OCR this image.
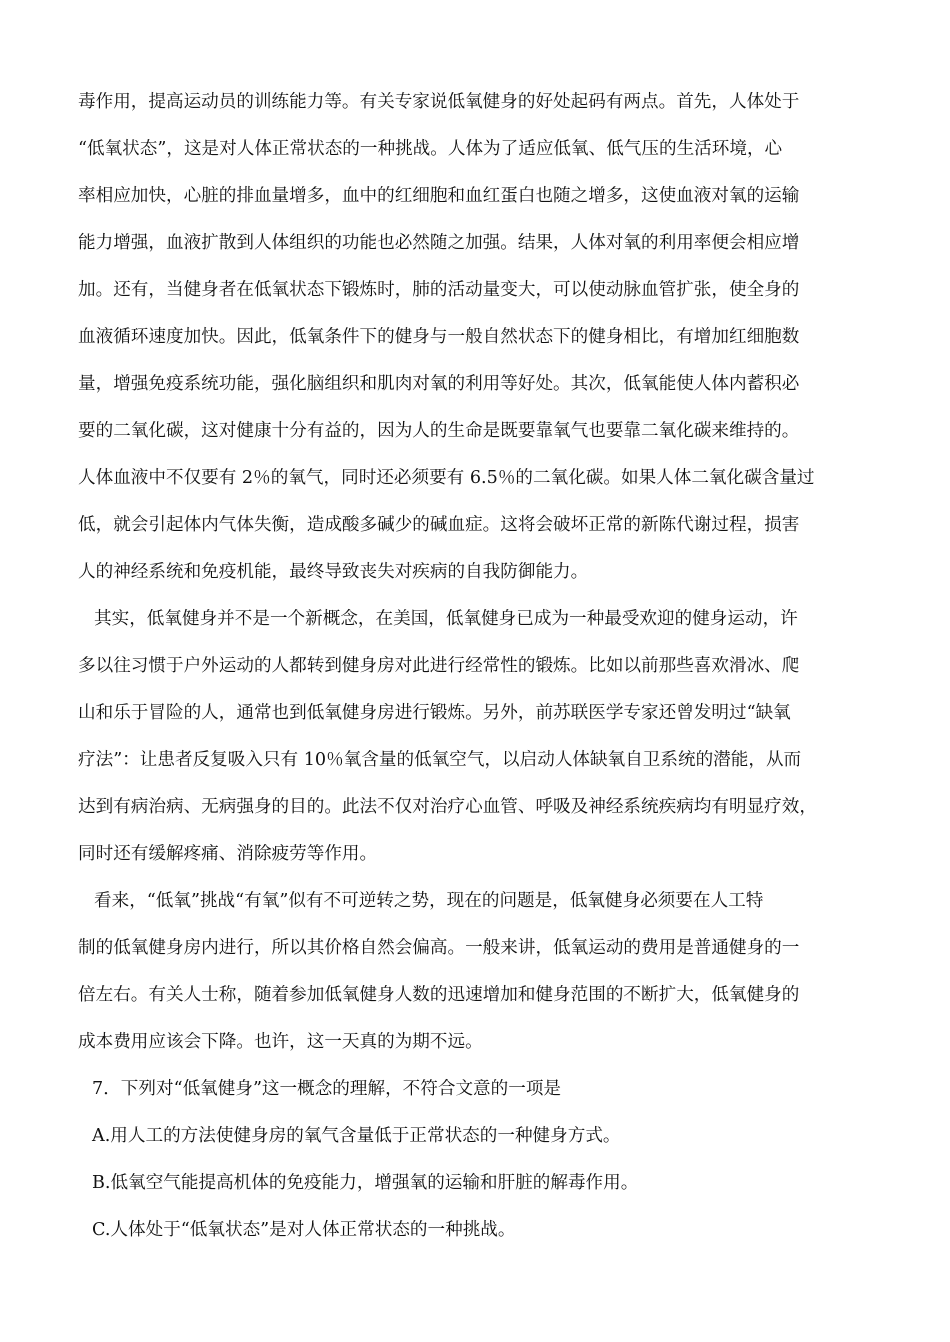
毒作用，提高运动员的训练能力等。有关专家说低氧健身的好处起码有两点。首先，人体处于
“低氧状态”，这是对人体正常状态的一种挑战。人体为了适应低氧、低气压的生活环境，心
率相应加快，心脏的排血量增多，血中的红细胞和血红蛋白也随之增多，这使血液对氧的运输
能力增强，血液扩散到人体组织的功能也必然随之加强。结果，人体对氧的利用率便会相应增
加。还有，当健身者在低氧状态下锻炼时，肺的活动量变大，可以使动脉血管扩张，使全身的
血液循环速度加快。因此，低氧条件下的健身与一般自然状态下的健身相比，有增加红细胞数
量，增强免疫系统功能，强化脑组织和肌肉对氧的利用等好处。其次，低氧能使人体内蓄积必
要的二氧化碳，这对健康十分有益的，因为人的生命是既要靠氧气也要靠二氧化碳来维持的。
人体血液中不仅要有 2％的氧气，同时还必须要有 6.5％的二氧化碳。如果人体二氧化碳含量过
低，就会引起体内气体失衡，造成酸多碱少的碱血症。这将会破坏正常的新陈代谢过程，损害
人的神经系统和免疫机能，最终导致丧失对疾病的自我防御能力。
其实，低氧健身并不是一个新概念，在美国，低氧健身已成为一种最受欢迎的健身运动，许
多以往习惯于户外运动的人都转到健身房对此进行经常性的锻炼。比如以前那些喜欢滑冰、爬
山和乐于冒险的人，通常也到低氧健身房进行锻炼。另外，前苏联医学专家还曾发明过“缺氧
疗法”：让患者反复吸入只有 10％氧含量的低氧空气，以启动人体缺氧自卫系统的潜能，从而
达到有病治病、无病强身的目的。此法不仅对治疗心血管、呼吸及神经系统疾病均有明显疗效，
同时还有缓解疼痛、消除疲劳等作用。
看来，“低氧”挑战“有氧”似有不可逆转之势，现在的问题是，低氧健身必须要在人工特
制的低氧健身房内进行，所以其价格自然会偏高。一般来讲，低氧运动的费用是普通健身的一
倍左右。有关人士称，随着参加低氧健身人数的迅速增加和健身范围的不断扩大，低氧健身的
成本费用应该会下降。也许，这一天真的为期不远。
7．下列对“低氧健身”这一概念的理解，不符合文意的一项是
A.用人工的方法使健身房的氧气含量低于正常状态的一种健身方式。
B.低氧空气能提高机体的免疫能力，增强氧的运输和肝脏的解毒作用。
C.人体处于“低氧状态”是对人体正常状态的一种挑战。
